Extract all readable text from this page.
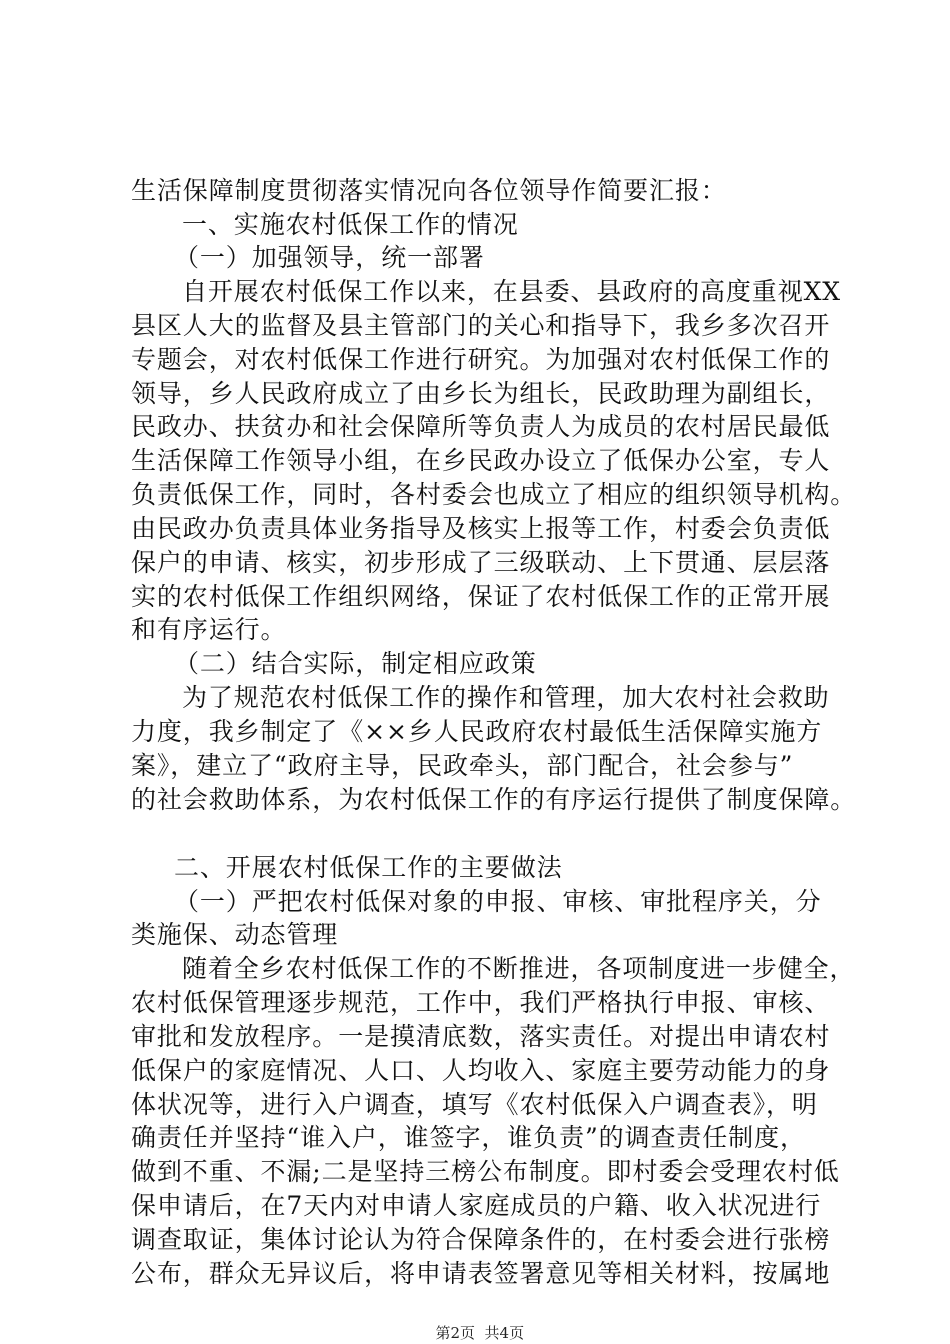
生活保障制度贯彻落实情况向各位领导作简要汇报：
一、实施农村低保工作的情况
（一）加强领导，统一部署
自开展农村低保工作以来，在县委、县政府的高度重视XX
县区人大的监督及县主管部门的关心和指导下，我乡多次召开
专题会，对农村低保工作进行研究。为加强对农村低保工作的
领导，乡人民政府成立了由乡长为组长，民政助理为副组长，
民政办、扶贫办和社会保障所等负责人为成员的农村居民最低
生活保障工作领导小组，在乡民政办设立了低保办公室，专人
负责低保工作，同时，各村委会也成立了相应的组织领导机构。
由民政办负责具体业务指导及核实上报等工作，村委会负责低
保户的申请、核实，初步形成了三级联动、上下贯通、层层落
实的农村低保工作组织网络，保证了农村低保工作的正常开展
和有序运行。
（二）结合实际，制定相应政策
为了规范农村低保工作的操作和管理，加大农村社会救助
力度，我乡制定了《××乡人民政府农村最低生活保障实施方
案》，建立了“政府主导，民政牵头，部门配合，社会参与”
的社会救助体系，为农村低保工作的有序运行提供了制度保障。
二、开展农村低保工作的主要做法
（一）严把农村低保对象的申报、审核、审批程序关，分
类施保、动态管理
随着全乡农村低保工作的不断推进，各项制度进一步健全，
农村低保管理逐步规范，工作中，我们严格执行申报、审核、
审批和发放程序。一是摸清底数，落实责任。对提出申请农村
低保户的家庭情况、人口、人均收入、家庭主要劳动能力的身
体状况等，进行入户调查，填写《农村低保入户调查表》，明
确责任并坚持“谁入户，谁签字，谁负责”的调查责任制度，
做到不重、不漏;二是坚持三榜公布制度。即村委会受理农村低
保申请后，在7天内对申请人家庭成员的户籍、收入状况进行
调查取证，集体讨论认为符合保障条件的，在村委会进行张榜
公布，群众无异议后，将申请表签署意见等相关材料，按属地

第2页  共4页
